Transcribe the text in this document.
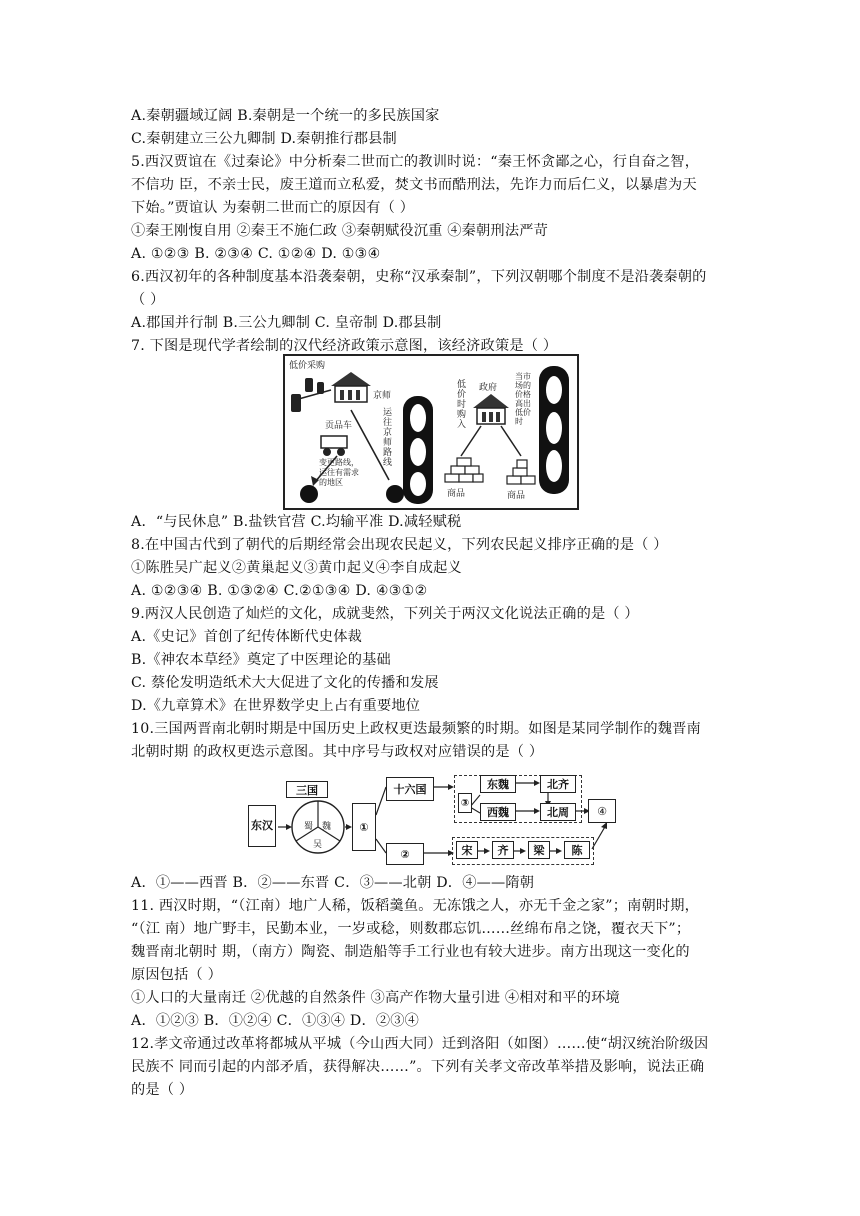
A.秦朝疆域辽阔 B.秦朝是一个统一的多民族国家
C.秦朝建立三公九卿制 D.秦朝推行郡县制
5.西汉贾谊在《过秦论》中分析秦二世而亡的教训时说：“秦王怀贪鄙之心，行自奋之智，
不信功 臣，不亲士民，废王道而立私爱，焚文书而酷刑法，先诈力而后仁义，以暴虐为天
下始。”贾谊认 为秦朝二世而亡的原因有（ ）
①秦王刚愎自用 ②秦王不施仁政 ③秦朝赋役沉重 ④秦朝刑法严苛
A. ①②③ B. ②③④ C. ①②④ D. ①③④
6.西汉初年的各种制度基本沿袭秦朝，史称“汉承秦制”，下列汉朝哪个制度不是沿袭秦朝的
（ ）
A.郡国并行制 B.三公九卿制 C. 皇帝制 D.郡县制
7. 下图是现代学者绘制的汉代经济政策示意图，该经济政策是（ ）
A．“与民休息” B.盐铁官营 C.均输平准 D.减轻赋税
8.在中国古代到了朝代的后期经常会出现农民起义，下列农民起义排序正确的是（ ）
①陈胜吴广起义②黄巢起义③黄巾起义④李自成起义
A. ①②③④ B. ①③②④ C.②①③④ D. ④③①②
9.两汉人民创造了灿烂的文化，成就斐然，下列关于两汉文化说法正确的是（ ）
A.《史记》首创了纪传体断代史体裁
B.《神农本草经》奠定了中医理论的基础
C. 蔡伦发明造纸术大大促进了文化的传播和发展
D.《九章算术》在世界数学史上占有重要地位
10.三国两晋南北朝时期是中国历史上政权更迭最频繁的时期。如图是某同学制作的魏晋南
北朝时期 的政权更迭示意图。其中序号与政权对应错误的是（ ）
A．①——西晋 B．②——东晋 C．③——北朝 D．④——隋朝
11. 西汉时期，“（江南）地广人稀，饭稻羹鱼。无冻饿之人，亦无千金之家”；南朝时期，
“（江 南）地广野丰，民勤本业，一岁或稔，则数郡忘饥……丝绵布帛之饶，覆衣天下”；
魏晋南北朝时 期，（南方）陶瓷、制造船等手工行业也有较大进步。南方出现这一变化的
原因包括（ ）
①人口的大量南迁 ②优越的自然条件 ③高产作物大量引进 ④相对和平的环境
A．①②③ B．①②④ C．①③④ D．②③④
12.孝文帝通过改革将都城从平城（今山西大同）迁到洛阳（如图）……使“胡汉统治阶级因
民族不 同而引起的内部矛盾，获得解决……”。下列有关孝文帝改革举措及影响，说法正确
的是（ ）
低价采购
京师
贡品车
运往京师路线
变更路线，
运往有需求
的地区
政府
低价时购入
当市场的价格高出低价时
商品	商品
三国
东汉	蜀 魏
吴
①
十六国
②
③
东魏	北齐
西魏	北周	④
宋	齐	梁	陈
